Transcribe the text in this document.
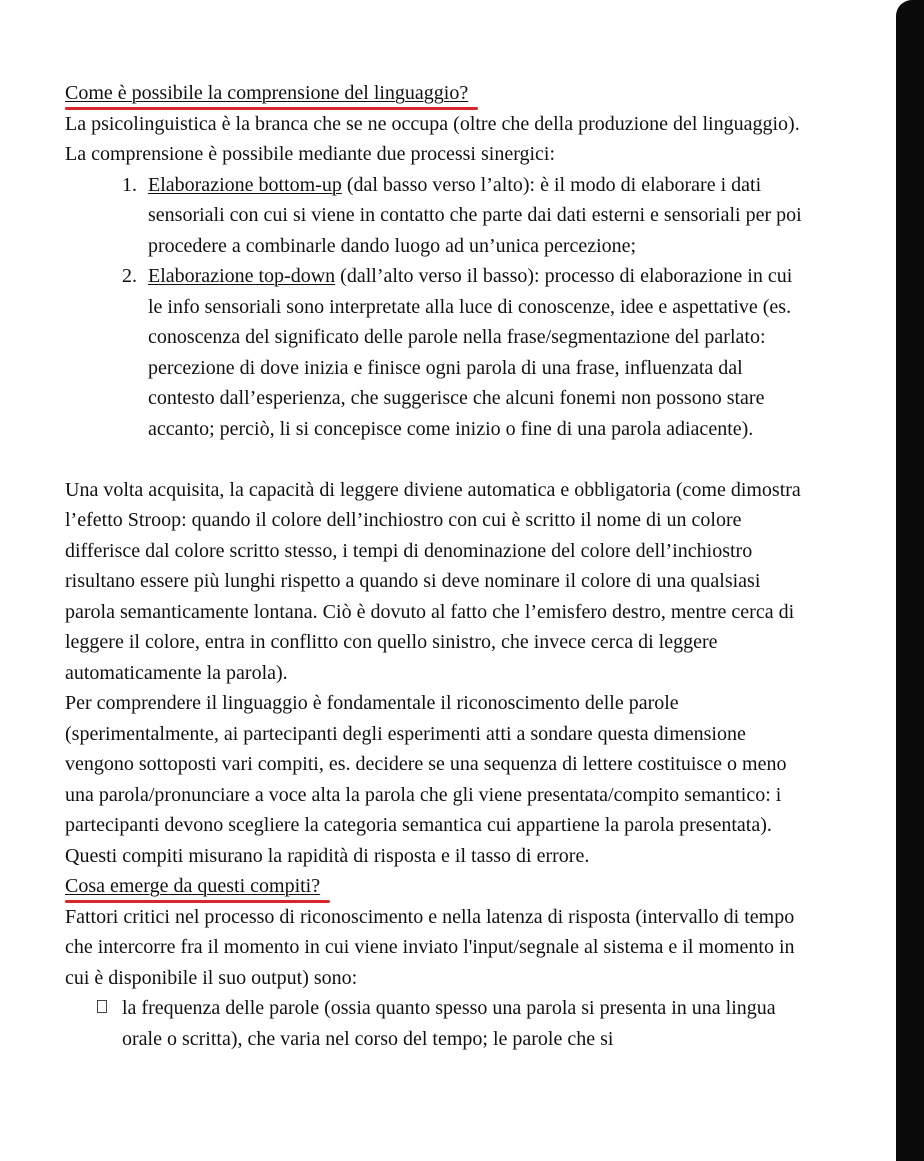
Come è possibile la comprensione del linguaggio?

La psicolinguistica è la branca che se ne occupa (oltre che della produzione del linguaggio). La comprensione è possibile mediante due processi sinergici:

1. Elaborazione bottom-up (dal basso verso l’alto): è il modo di elaborare i dati sensoriali con cui si viene in contatto che parte dai dati esterni e sensoriali per poi procedere a combinarle dando luogo ad un’unica percezione;
2. Elaborazione top-down (dall’alto verso il basso): processo di elaborazione in cui le info sensoriali sono interpretate alla luce di conoscenze, idee e aspettative (es. conoscenza del significato delle parole nella frase/segmentazione del parlato: percezione di dove inizia e finisce ogni parola di una frase, influenzata dal contesto dall’esperienza, che suggerisce che alcuni fonemi non possono stare accanto; perciò, li si concepisce come inizio o fine di una parola adiacente).

Una volta acquisita, la capacità di leggere diviene automatica e obbligatoria (come dimostra l’efetto Stroop: quando il colore dell’inchiostro con cui è scritto il nome di un colore differisce dal colore scritto stesso, i tempi di denominazione del colore dell’inchiostro risultano essere più lunghi rispetto a quando si deve nominare il colore di una qualsiasi parola semanticamente lontana. Ciò è dovuto al fatto che l’emisfero destro, mentre cerca di leggere il colore, entra in conflitto con quello sinistro, che invece cerca di leggere automaticamente la parola).

Per comprendere il linguaggio è fondamentale il riconoscimento delle parole (sperimentalmente, ai partecipanti degli esperimenti atti a sondare questa dimensione vengono sottoposti vari compiti, es. decidere se una sequenza di lettere costituisce o meno una parola/pronunciare a voce alta la parola che gli viene presentata/compito semantico: i partecipanti devono scegliere la categoria semantica cui appartiene la parola presentata). Questi compiti misurano la rapidità di risposta e il tasso di errore.

Cosa emerge da questi compiti?

Fattori critici nel processo di riconoscimento e nella latenza di risposta (intervallo di tempo che intercorre fra il momento in cui viene inviato l'input/segnale al sistema e il momento in cui è disponibile il suo output) sono:

la frequenza delle parole (ossia quanto spesso una parola si presenta in una lingua orale o scritta), che varia nel corso del tempo; le parole che si
